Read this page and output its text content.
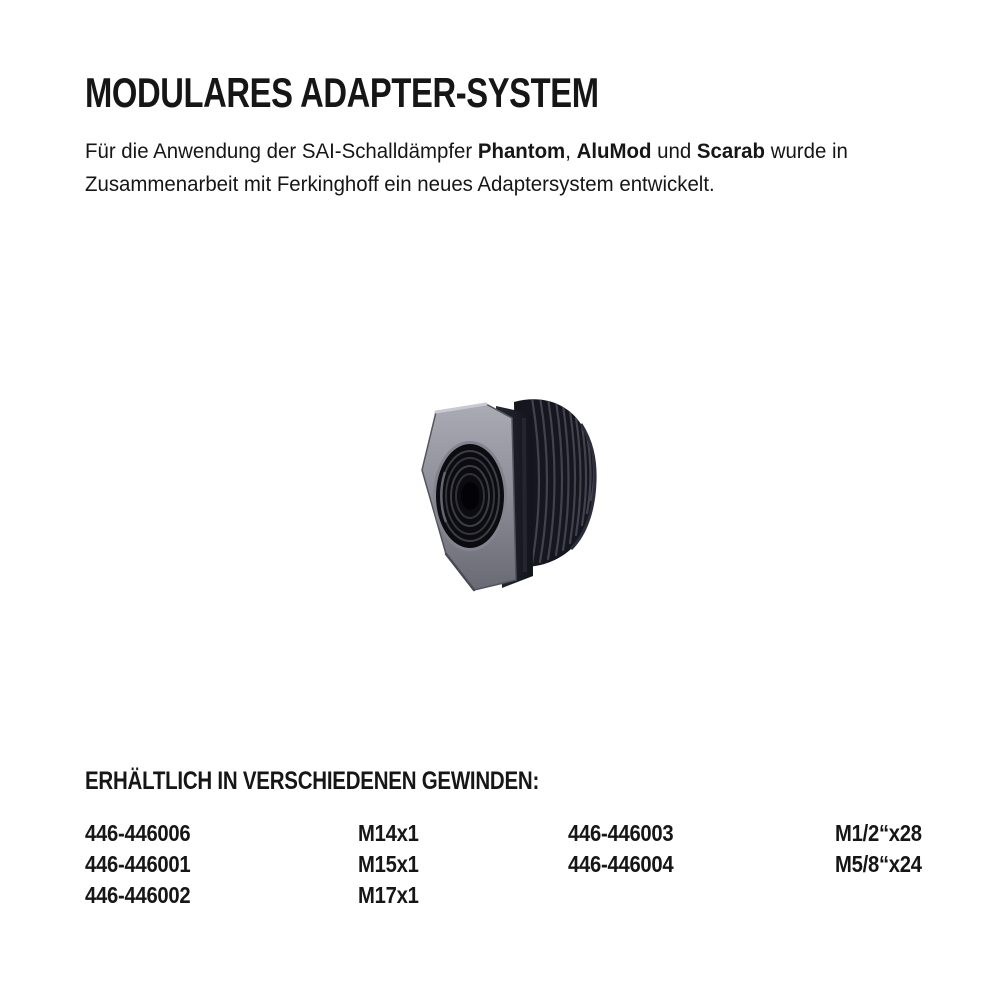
MODULARES ADAPTER-SYSTEM

Für die Anwendung der SAI-Schalldämpfer Phantom, AluMod und Scarab wurde in
Zusammenarbeit mit Ferkinghoff ein neues Adaptersystem entwickelt.

ERHÄLTLICH IN VERSCHIEDENEN GEWINDEN:
446-446006	M14x1	446-446003	M1/2“x28
446-446001	M15x1	446-446004	M5/8“x24
446-446002	M17x1
